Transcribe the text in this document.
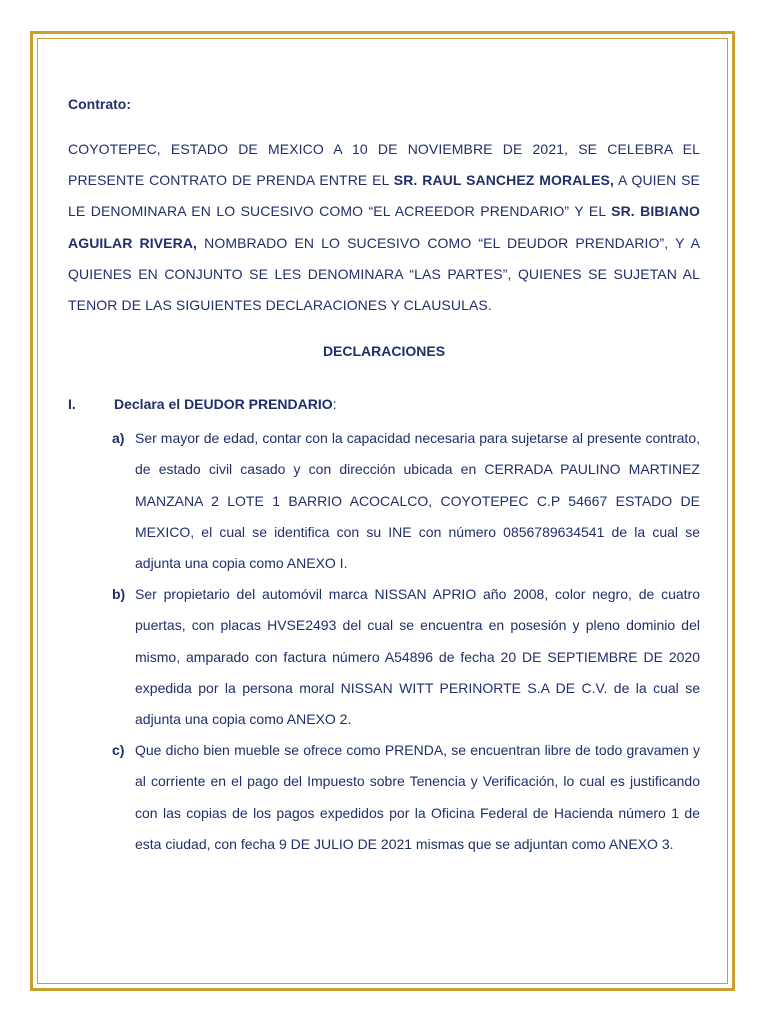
Contrato:

COYOTEPEC, ESTADO DE MEXICO A 10 DE NOVIEMBRE DE 2021, SE CELEBRA EL PRESENTE CONTRATO DE PRENDA ENTRE EL SR. RAUL SANCHEZ MORALES, A QUIEN SE LE DENOMINARA EN LO SUCESIVO COMO “EL ACREEDOR PRENDARIO” Y EL SR. BIBIANO AGUILAR RIVERA, NOMBRADO EN LO SUCESIVO COMO “EL DEUDOR PRENDARIO”, Y A QUIENES EN CONJUNTO SE LES DENOMINARA “LAS PARTES”, QUIENES SE SUJETAN AL TENOR DE LAS SIGUIENTES DECLARACIONES Y CLAUSULAS.

DECLARACIONES
I.	Declara el DEUDOR PRENDARIO:
a) Ser mayor de edad, contar con la capacidad necesaria para sujetarse al presente contrato, de estado civil casado y con dirección ubicada en CERRADA PAULINO MARTINEZ MANZANA 2 LOTE 1 BARRIO ACOCALCO, COYOTEPEC C.P 54667 ESTADO DE MEXICO, el cual se identifica con su INE con número 0856789634541 de la cual se adjunta una copia como ANEXO I.
b) Ser propietario del automóvil marca NISSAN APRIO año 2008, color negro, de cuatro puertas, con placas HVSE2493 del cual se encuentra en posesión y pleno dominio del mismo, amparado con factura número A54896 de fecha 20 DE SEPTIEMBRE DE 2020 expedida por la persona moral NISSAN WITT PERINORTE S.A DE C.V. de la cual se adjunta una copia como ANEXO 2.
c) Que dicho bien mueble se ofrece como PRENDA, se encuentran libre de todo gravamen y al corriente en el pago del Impuesto sobre Tenencia y Verificación, lo cual es justificando con las copias de los pagos expedidos por la Oficina Federal de Hacienda número 1 de esta ciudad, con fecha 9 DE JULIO DE 2021 mismas que se adjuntan como ANEXO 3.
